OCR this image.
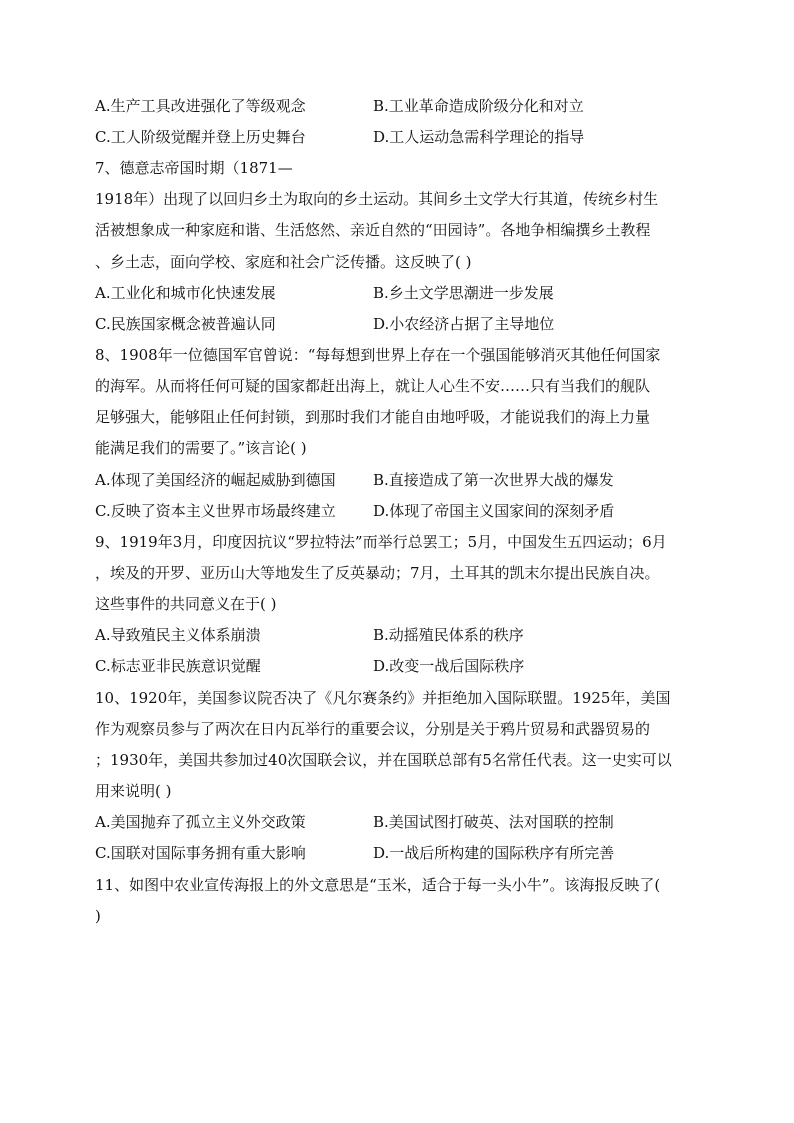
A.生产工具改进强化了等级观念	B.工业革命造成阶级分化和对立
C.工人阶级觉醒并登上历史舞台	D.工人运动急需科学理论的指导
7、德意志帝国时期（1871—
1918年）出现了以回归乡土为取向的乡土运动。其间乡土文学大行其道，传统乡村生
活被想象成一种家庭和谐、生活悠然、亲近自然的“田园诗”。各地争相编撰乡土教程
、乡土志，面向学校、家庭和社会广泛传播。这反映了( )
A.工业化和城市化快速发展	B.乡土文学思潮进一步发展
C.民族国家概念被普遍认同	D.小农经济占据了主导地位
8、1908年一位德国军官曾说：“每每想到世界上存在一个强国能够消灭其他任何国家
的海军。从而将任何可疑的国家都赶出海上，就让人心生不安……只有当我们的舰队
足够强大，能够阻止任何封锁，到那时我们才能自由地呼吸，才能说我们的海上力量
能满足我们的需要了。”该言论( )
A.体现了美国经济的崛起威胁到德国 B.直接造成了第一次世界大战的爆发
C.反映了资本主义世界市场最终建立 D.体现了帝国主义国家间的深刻矛盾
9、1919年3月，印度因抗议“罗拉特法”而举行总罢工；5月，中国发生五四运动；6月
，埃及的开罗、亚历山大等地发生了反英暴动；7月，土耳其的凯末尔提出民族自决。
这些事件的共同意义在于( )
A.导致殖民主义体系崩溃	B.动摇殖民体系的秩序
C.标志亚非民族意识觉醒	D.改变一战后国际秩序
10、1920年，美国参议院否决了《凡尔赛条约》并拒绝加入国际联盟。1925年，美国
作为观察员参与了两次在日内瓦举行的重要会议，分别是关于鸦片贸易和武器贸易的
；1930年，美国共参加过40次国联会议，并在国联总部有5名常任代表。这一史实可以
用来说明( )
A.美国抛弃了孤立主义外交政策	B.美国试图打破英、法对国联的控制
C.国联对国际事务拥有重大影响	D.一战后所构建的国际秩序有所完善
11、如图中农业宣传海报上的外文意思是“玉米，适合于每一头小牛”。该海报反映了(
)
